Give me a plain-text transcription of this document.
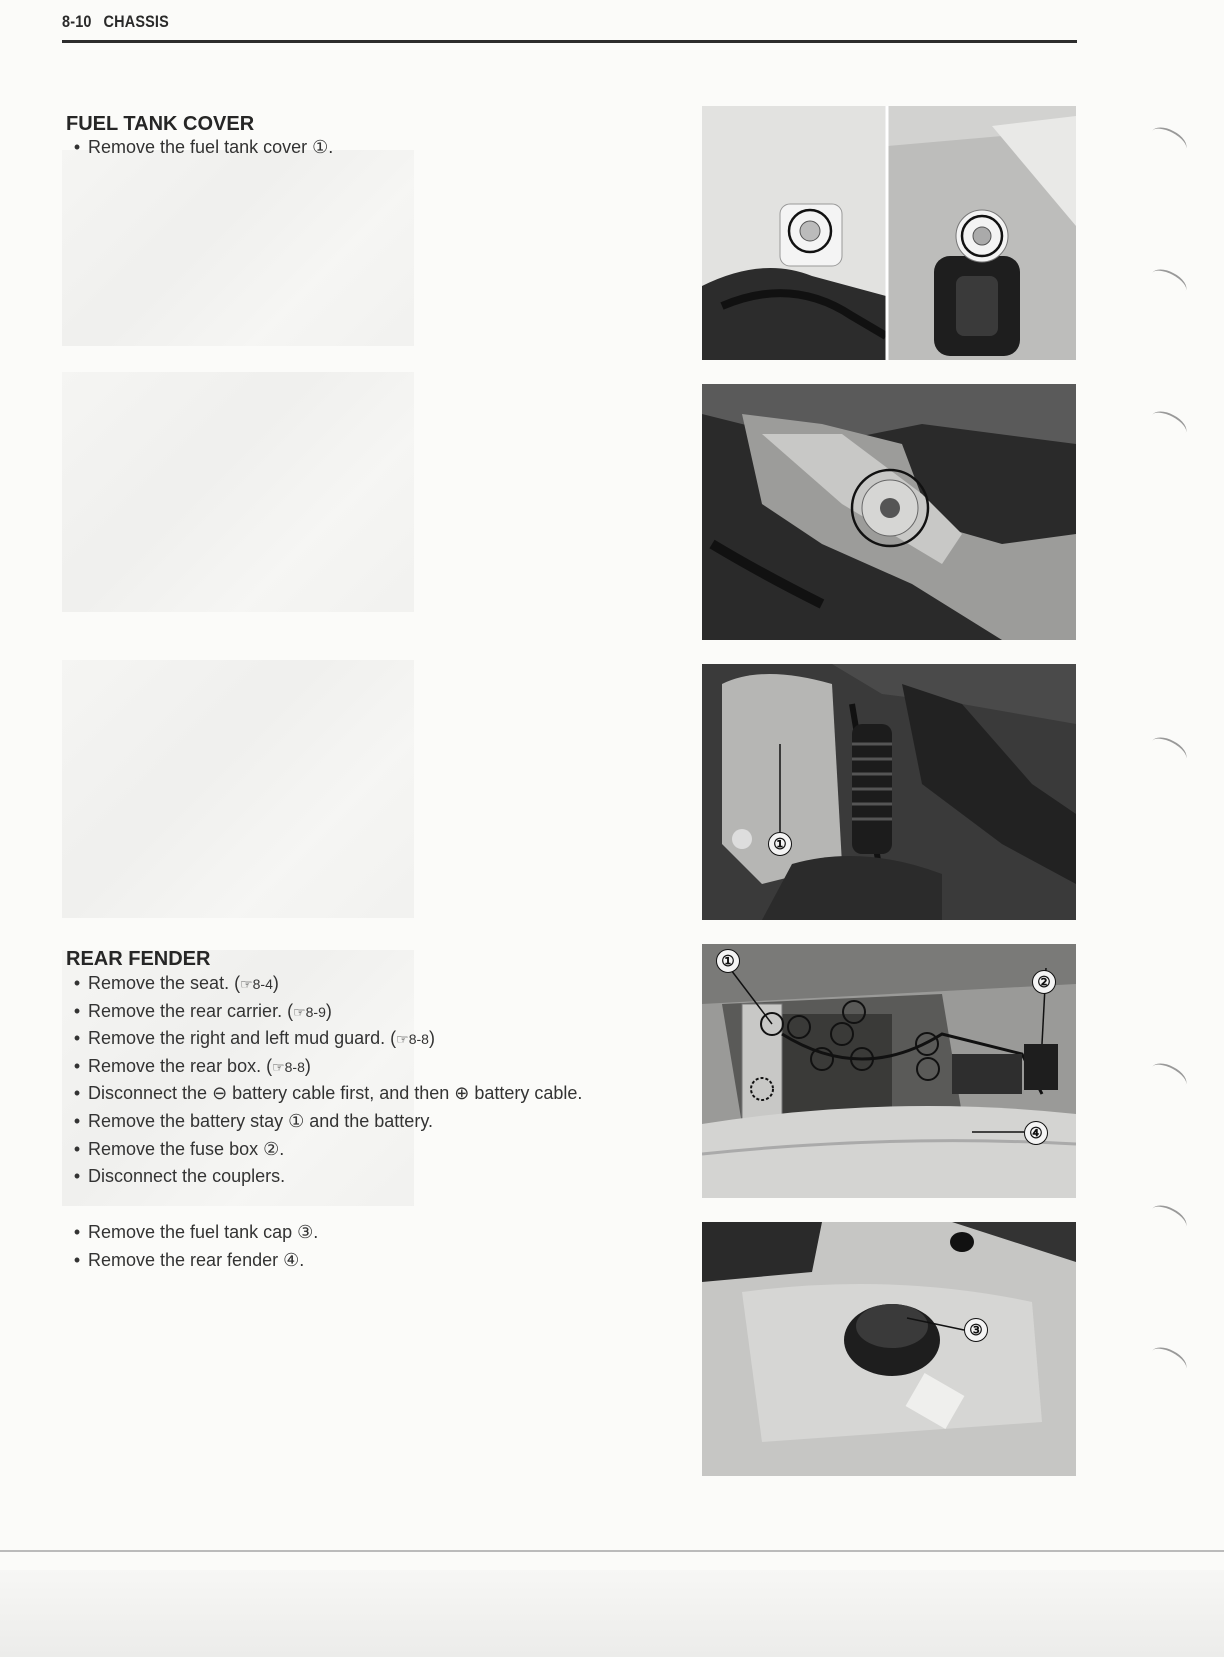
8-10 CHASSIS
FUEL TANK COVER
• Remove the fuel tank cover ①.
REAR FENDER
• Remove the seat. (☞8-4)
• Remove the rear carrier. (☞8-9)
• Remove the right and left mud guard. (☞8-8)
• Remove the rear box. (☞8-8)
• Disconnect the ⊖ battery cable first, and then ⊕ battery cable.
• Remove the battery stay ① and the battery.
• Remove the fuse box ②.
• Disconnect the couplers.
• Remove the fuel tank cap ③.
• Remove the rear fender ④.
①
①
②
④
③
